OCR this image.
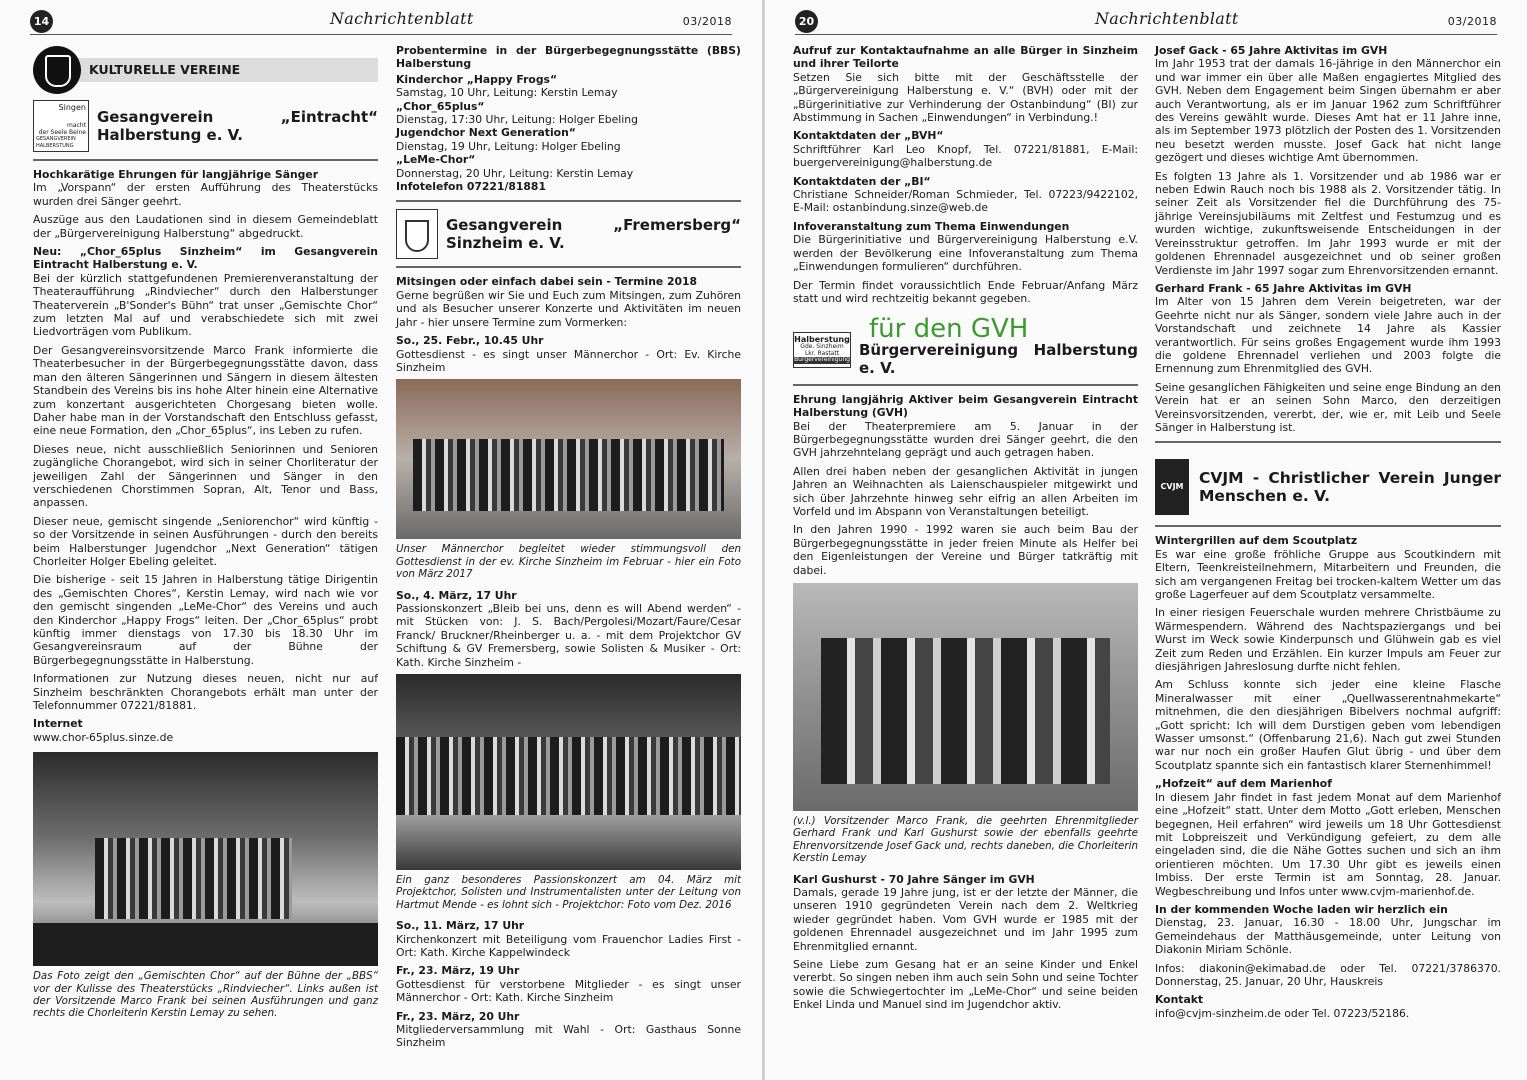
14	Nachrichtenblatt	03/2018
KULTURELLE VEREINE
Singen
macht
der Seele Beine
GESANGVEREIN
HALBERSTUNG
Gesangverein „Eintracht“ Halberstung e. V.
Hochkarätige Ehrungen für langjährige Sänger
Im „Vorspann“ der ersten Aufführung des Theaterstücks wurden drei Sänger geehrt.
Auszüge aus den Laudationen sind in diesem Gemeindeblatt der „Bürgervereinigung Halberstung“ abgedruckt.
Neu: „Chor_65plus Sinzheim“ im Gesangverein Eintracht Halberstung e. V.
Bei der kürzlich stattgefundenen Premierenveranstaltung der Theateraufführung „Rindviecher“ durch den Halberstunger Theaterverein „B'Sonder's Bühn“ trat unser „Gemischte Chor“ zum letzten Mal auf und verabschiedete sich mit zwei Liedvorträgen vom Publikum.
Der Gesangvereinsvorsitzende Marco Frank informierte die Theaterbesucher in der Bürgerbegegnungsstätte davon, dass man den älteren Sängerinnen und Sängern in diesem ältesten Standbein des Vereins bis ins hohe Alter hinein eine Alternative zum konzertant ausgerichteten Chorgesang bieten wolle. Daher habe man in der Vorstandschaft den Entschluss gefasst, eine neue Formation, den „Chor_65plus“, ins Leben zu rufen.
Dieses neue, nicht ausschließlich Seniorinnen und Senioren zugängliche Chorangebot, wird sich in seiner Chorliteratur der jeweiligen Zahl der Sängerinnen und Sänger in den verschiedenen Chorstimmen Sopran, Alt, Tenor und Bass, anpassen.
Dieser neue, gemischt singende „Seniorenchor“ wird künftig - so der Vorsitzende in seinen Ausführungen - durch den bereits beim Halberstunger Jugendchor „Next Generation“ tätigen Chorleiter Holger Ebeling geleitet.
Die bisherige - seit 15 Jahren in Halberstung tätige Dirigentin des „Gemischten Chores“, Kerstin Lemay, wird nach wie vor den gemischt singenden „LeMe-Chor“ des Vereins und auch den Kinderchor „Happy Frogs“ leiten. Der „Chor_65plus“ probt künftig immer dienstags von 17.30 bis 18.30 Uhr im Gesangvereinsraum auf der Bühne der Bürgerbegegnungsstätte in Halberstung.
Informationen zur Nutzung dieses neuen, nicht nur auf Sinzheim beschränkten Chorangebots erhält man unter der Telefonnummer 07221/81881.
Internet
www.chor-65plus.sinze.de
Das Foto zeigt den „Gemischten Chor“ auf der Bühne der „BBS“ vor der Kulisse des Theaterstücks „Rindviecher“. Links außen ist der Vorsitzende Marco Frank bei seinen Ausführungen und ganz rechts die Chorleiterin Kerstin Lemay zu sehen.
Probentermine in der Bürgerbegegnungsstätte (BBS) Halberstung
Kinderchor „Happy Frogs“
Samstag, 10 Uhr, Leitung: Kerstin Lemay
„Chor_65plus“
Dienstag, 17:30 Uhr, Leitung: Holger Ebeling
Jugendchor Next Generation“
Dienstag, 19 Uhr, Leitung: Holger Ebeling
„LeMe-Chor“
Donnerstag, 20 Uhr, Leitung: Kerstin Lemay
Infotelefon 07221/81881
Gesangverein „Fremersberg“ Sinzheim e. V.
Mitsingen oder einfach dabei sein - Termine 2018
Gerne begrüßen wir Sie und Euch zum Mitsingen, zum Zuhören und als Besucher unserer Konzerte und Aktivitäten im neuen Jahr - hier unsere Termine zum Vormerken:
So., 25. Febr., 10.45 Uhr
Gottesdienst - es singt unser Männerchor - Ort: Ev. Kirche Sinzheim
Unser Männerchor begleitet wieder stimmungsvoll den Gottesdienst in der ev. Kirche Sinzheim im Februar - hier ein Foto von März 2017
So., 4. März, 17 Uhr
Passionskonzert „Bleib bei uns, denn es will Abend werden“ - mit Stücken von: J. S. Bach/Pergolesi/Mozart/Faure/Cesar Franck/ Bruckner/Rheinberger u. a. - mit dem Projektchor GV Schiftung & GV Fremersberg, sowie Solisten & Musiker - Ort: Kath. Kirche Sinzheim -
Ein ganz besonderes Passionskonzert am 04. März mit Projektchor, Solisten und Instrumentalisten unter der Leitung von Hartmut Mende - es lohnt sich - Projektchor: Foto vom Dez. 2016
So., 11. März, 17 Uhr
Kirchenkonzert mit Beteiligung vom Frauenchor Ladies First - Ort: Kath. Kirche Kappelwindeck
Fr., 23. März, 19 Uhr
Gottesdienst für verstorbene Mitglieder - es singt unser Männerchor - Ort: Kath. Kirche Sinzheim
Fr., 23. März, 20 Uhr
Mitgliederversammlung mit Wahl - Ort: Gasthaus Sonne Sinzheim
20	Nachrichtenblatt	03/2018
Aufruf zur Kontaktaufnahme an alle Bürger in Sinzheim und ihrer Teilorte
Setzen Sie sich bitte mit der Geschäftsstelle der „Bürgervereinigung Halberstung e. V.“ (BVH) oder mit der „Bürgerinitiative zur Verhinderung der Ostanbindung“ (BI) zur Abstimmung in Sachen „Einwendungen“ in Verbindung.!
Kontaktdaten der „BVH“
Schriftführer Karl Leo Knopf, Tel. 07221/81881, E-Mail: buergervereinigung@halberstung.de
Kontaktdaten der „BI“
Christiane Schneider/Roman Schmieder, Tel. 07223/9422102, E-Mail: ostanbindung.sinze@web.de
Infoveranstaltung zum Thema Einwendungen
Die Bürgerinitiative und Bürgervereinigung Halberstung e.V. werden der Bevölkerung eine Infoveranstaltung zum Thema „Einwendungen formulieren“ durchführen.
Der Termin findet voraussichtlich Ende Februar/Anfang März statt und wird rechtzeitig bekannt gegeben.
Halberstung
Gde. Sinzheim
Lkr. Rastatt
Bürgervereinigung
für den GVH
Bürgervereinigung Halberstung e. V.
Ehrung langjährig Aktiver beim Gesangverein Eintracht Halberstung (GVH)
Bei der Theaterpremiere am 5. Januar in der Bürgerbegegnungsstätte wurden drei Sänger geehrt, die den GVH jahrzehntelang geprägt und auch getragen haben.
Allen drei haben neben der gesanglichen Aktivität in jungen Jahren an Weihnachten als Laienschauspieler mitgewirkt und sich über Jahrzehnte hinweg sehr eifrig an allen Arbeiten im Vorfeld und im Abspann von Veranstaltungen beteiligt.
In den Jahren 1990 - 1992 waren sie auch beim Bau der Bürgerbegegnungsstätte in jeder freien Minute als Helfer bei den Eigenleistungen der Vereine und Bürger tatkräftig mit dabei.
(v.l.) Vorsitzender Marco Frank, die geehrten Ehrenmitglieder Gerhard Frank und Karl Gushurst sowie der ebenfalls geehrte Ehrenvorsitzende Josef Gack und, rechts daneben, die Chorleiterin Kerstin Lemay
Karl Gushurst - 70 Jahre Sänger im GVH
Damals, gerade 19 Jahre jung, ist er der letzte der Männer, die unseren 1910 gegründeten Verein nach dem 2. Weltkrieg wieder gegründet haben. Vom GVH wurde er 1985 mit der goldenen Ehrennadel ausgezeichnet und im Jahr 1995 zum Ehrenmitglied ernannt.
Seine Liebe zum Gesang hat er an seine Kinder und Enkel vererbt. So singen neben ihm auch sein Sohn und seine Tochter sowie die Schwiegertochter im „LeMe-Chor“ und seine beiden Enkel Linda und Manuel sind im Jugendchor aktiv.
Josef Gack - 65 Jahre Aktivitas im GVH
Im Jahr 1953 trat der damals 16-jährige in den Männerchor ein und war immer ein über alle Maßen engagiertes Mitglied des GVH. Neben dem Engagement beim Singen übernahm er aber auch Verantwortung, als er im Januar 1962 zum Schriftführer des Vereins gewählt wurde. Dieses Amt hat er 11 Jahre inne, als im September 1973 plötzlich der Posten des 1. Vorsitzenden neu besetzt werden musste. Josef Gack hat nicht lange gezögert und dieses wichtige Amt übernommen.
Es folgten 13 Jahre als 1. Vorsitzender und ab 1986 war er neben Edwin Rauch noch bis 1988 als 2. Vorsitzender tätig. In seiner Zeit als Vorsitzender fiel die Durchführung des 75-jährige Vereinsjubiläums mit Zeltfest und Festumzug und es wurden wichtige, zukunftsweisende Entscheidungen in der Vereinsstruktur getroffen. Im Jahr 1993 wurde er mit der goldenen Ehrennadel ausgezeichnet und ob seiner großen Verdienste im Jahr 1997 sogar zum Ehrenvorsitzenden ernannt.
Gerhard Frank - 65 Jahre Aktivitas im GVH
Im Alter von 15 Jahren dem Verein beigetreten, war der Geehrte nicht nur als Sänger, sondern viele Jahre auch in der Vorstandschaft und zeichnete 14 Jahre als Kassier verantwortlich. Für seins großes Engagement wurde ihm 1993 die goldene Ehrennadel verliehen und 2003 folgte die Ernennung zum Ehrenmitglied des GVH.
Seine gesanglichen Fähigkeiten und seine enge Bindung an den Verein hat er an seinen Sohn Marco, den derzeitigen Vereinsvorsitzenden, vererbt, der, wie er, mit Leib und Seele Sänger in Halberstung ist.
CVJM	CVJM - Christlicher Verein Junger Menschen e. V.
Wintergrillen auf dem Scoutplatz
Es war eine große fröhliche Gruppe aus Scoutkindern mit Eltern, Teenkreisteilnehmern, Mitarbeitern und Freunden, die sich am vergangenen Freitag bei trocken-kaltem Wetter um das große Lagerfeuer auf dem Scoutplatz versammelte.
In einer riesigen Feuerschale wurden mehrere Christbäume zu Wärmespendern. Während des Nachtspaziergangs und bei Wurst im Weck sowie Kinderpunsch und Glühwein gab es viel Zeit zum Reden und Erzählen. Ein kurzer Impuls am Feuer zur diesjährigen Jahreslosung durfte nicht fehlen.
Am Schluss konnte sich jeder eine kleine Flasche Mineralwasser mit einer „Quellwasserentnahmekarte“ mitnehmen, die den diesjährigen Bibelvers nochmal aufgriff: „Gott spricht: Ich will dem Durstigen geben vom lebendigen Wasser umsonst.“ (Offenbarung 21,6). Nach gut zwei Stunden war nur noch ein großer Haufen Glut übrig - und über dem Scoutplatz spannte sich ein fantastisch klarer Sternenhimmel!
„Hofzeit“ auf dem Marienhof
In diesem Jahr findet in fast jedem Monat auf dem Marienhof eine „Hofzeit“ statt. Unter dem Motto „Gott erleben, Menschen begegnen, Heil erfahren“ wird jeweils um 18 Uhr Gottesdienst mit Lobpreiszeit und Verkündigung gefeiert, zu dem alle eingeladen sind, die die Nähe Gottes suchen und sich an ihm orientieren möchten. Um 17.30 Uhr gibt es jeweils einen Imbiss. Der erste Termin ist am Sonntag, 28. Januar. Wegbeschreibung und Infos unter www.cvjm-marienhof.de.
In der kommenden Woche laden wir herzlich ein
Dienstag, 23. Januar, 16.30 - 18.00 Uhr, Jungschar im Gemeindehaus der Matthäusgemeinde, unter Leitung von Diakonin Miriam Schönle.
Infos: diakonin@ekimabad.de oder Tel. 07221/3786370. Donnerstag, 25. Januar, 20 Uhr, Hauskreis
Kontakt
info@cvjm-sinzheim.de oder Tel. 07223/52186.
